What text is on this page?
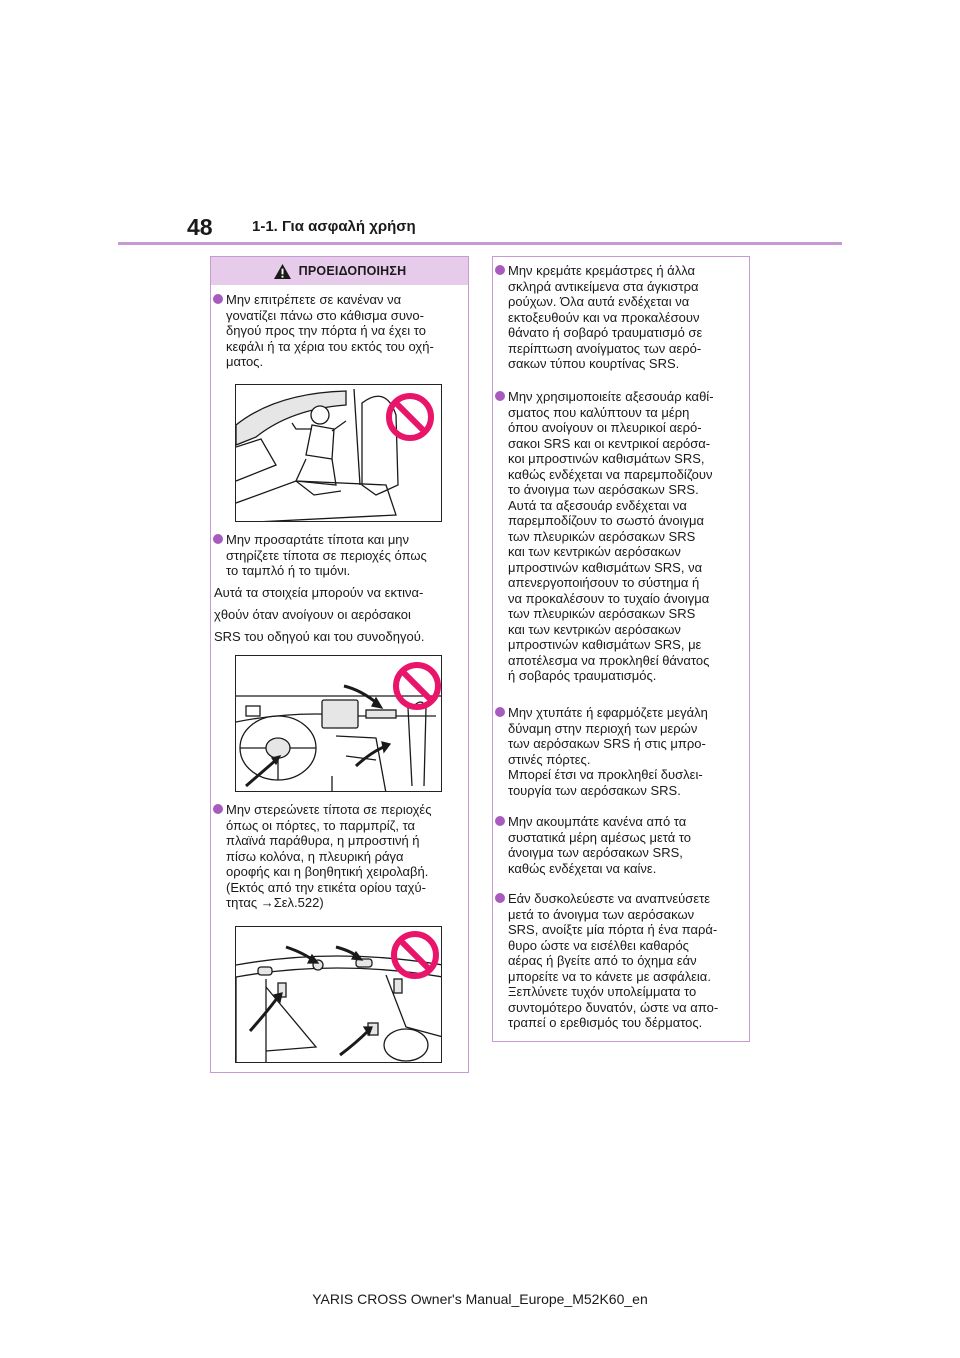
48	1-1. Για ασφαλή χρήση
ΠΡΟΕΙΔΟΠΟΙΗΣΗ
Μην επιτρέπετε σε κανέναν να
γονατίζει πάνω στο κάθισμα συνο-
δηγού προς την πόρτα ή να έχει το
κεφάλι ή τα χέρια του εκτός του οχή-
ματος.
Μην προσαρτάτε τίποτα και μην
στηρίζετε τίποτα σε περιοχές όπως
το ταμπλό ή το τιμόνι.
Αυτά τα στοιχεία μπορούν να εκτινα-
χθούν όταν ανοίγουν οι αερόσακοι
SRS του οδηγού και του συνοδηγού.
Μην στερεώνετε τίποτα σε περιοχές
όπως οι πόρτες, το παρμπρίζ, τα
πλαϊνά παράθυρα, η μπροστινή ή
πίσω κολόνα, η πλευρική ράγα
οροφής και η βοηθητική χειρολαβή.
(Εκτός από την ετικέτα ορίου ταχύ-
τητας →Σελ.522)
Μην κρεμάτε κρεμάστρες ή άλλα
σκληρά αντικείμενα στα άγκιστρα
ρούχων. Όλα αυτά ενδέχεται να
εκτοξευθούν και να προκαλέσουν
θάνατο ή σοβαρό τραυματισμό σε
περίπτωση ανοίγματος των αερό-
σακων τύπου κουρτίνας SRS.
Μην χρησιμοποιείτε αξεσουάρ καθί-
σματος που καλύπτουν τα μέρη
όπου ανοίγουν οι πλευρικοί αερό-
σακοι SRS και οι κεντρικοί αερόσα-
κοι μπροστινών καθισμάτων SRS,
καθώς ενδέχεται να παρεμποδίζουν
το άνοιγμα των αερόσακων SRS.
Αυτά τα αξεσουάρ ενδέχεται να
παρεμποδίζουν το σωστό άνοιγμα
των πλευρικών αερόσακων SRS
και των κεντρικών αερόσακων
μπροστινών καθισμάτων SRS, να
απενεργοποιήσουν το σύστημα ή
να προκαλέσουν το τυχαίο άνοιγμα
των πλευρικών αερόσακων SRS
και των κεντρικών αερόσακων
μπροστινών καθισμάτων SRS, με
αποτέλεσμα να προκληθεί θάνατος
ή σοβαρός τραυματισμός.
Μην χτυπάτε ή εφαρμόζετε μεγάλη
δύναμη στην περιοχή των μερών
των αερόσακων SRS ή στις μπρο-
στινές πόρτες.
Μπορεί έτσι να προκληθεί δυσλει-
τουργία των αερόσακων SRS.
Μην ακουμπάτε κανένα από τα
συστατικά μέρη αμέσως μετά το
άνοιγμα των αερόσακων SRS,
καθώς ενδέχεται να καίνε.
Εάν δυσκολεύεστε να αναπνεύσετε
μετά το άνοιγμα των αερόσακων
SRS, ανοίξτε μία πόρτα ή ένα παρά-
θυρο ώστε να εισέλθει καθαρός
αέρας ή βγείτε από το όχημα εάν
μπορείτε να το κάνετε με ασφάλεια.
Ξεπλύνετε τυχόν υπολείμματα το
συντομότερο δυνατόν, ώστε να απο-
τραπεί ο ερεθισμός του δέρματος.
YARIS CROSS Owner's Manual_Europe_M52K60_en
